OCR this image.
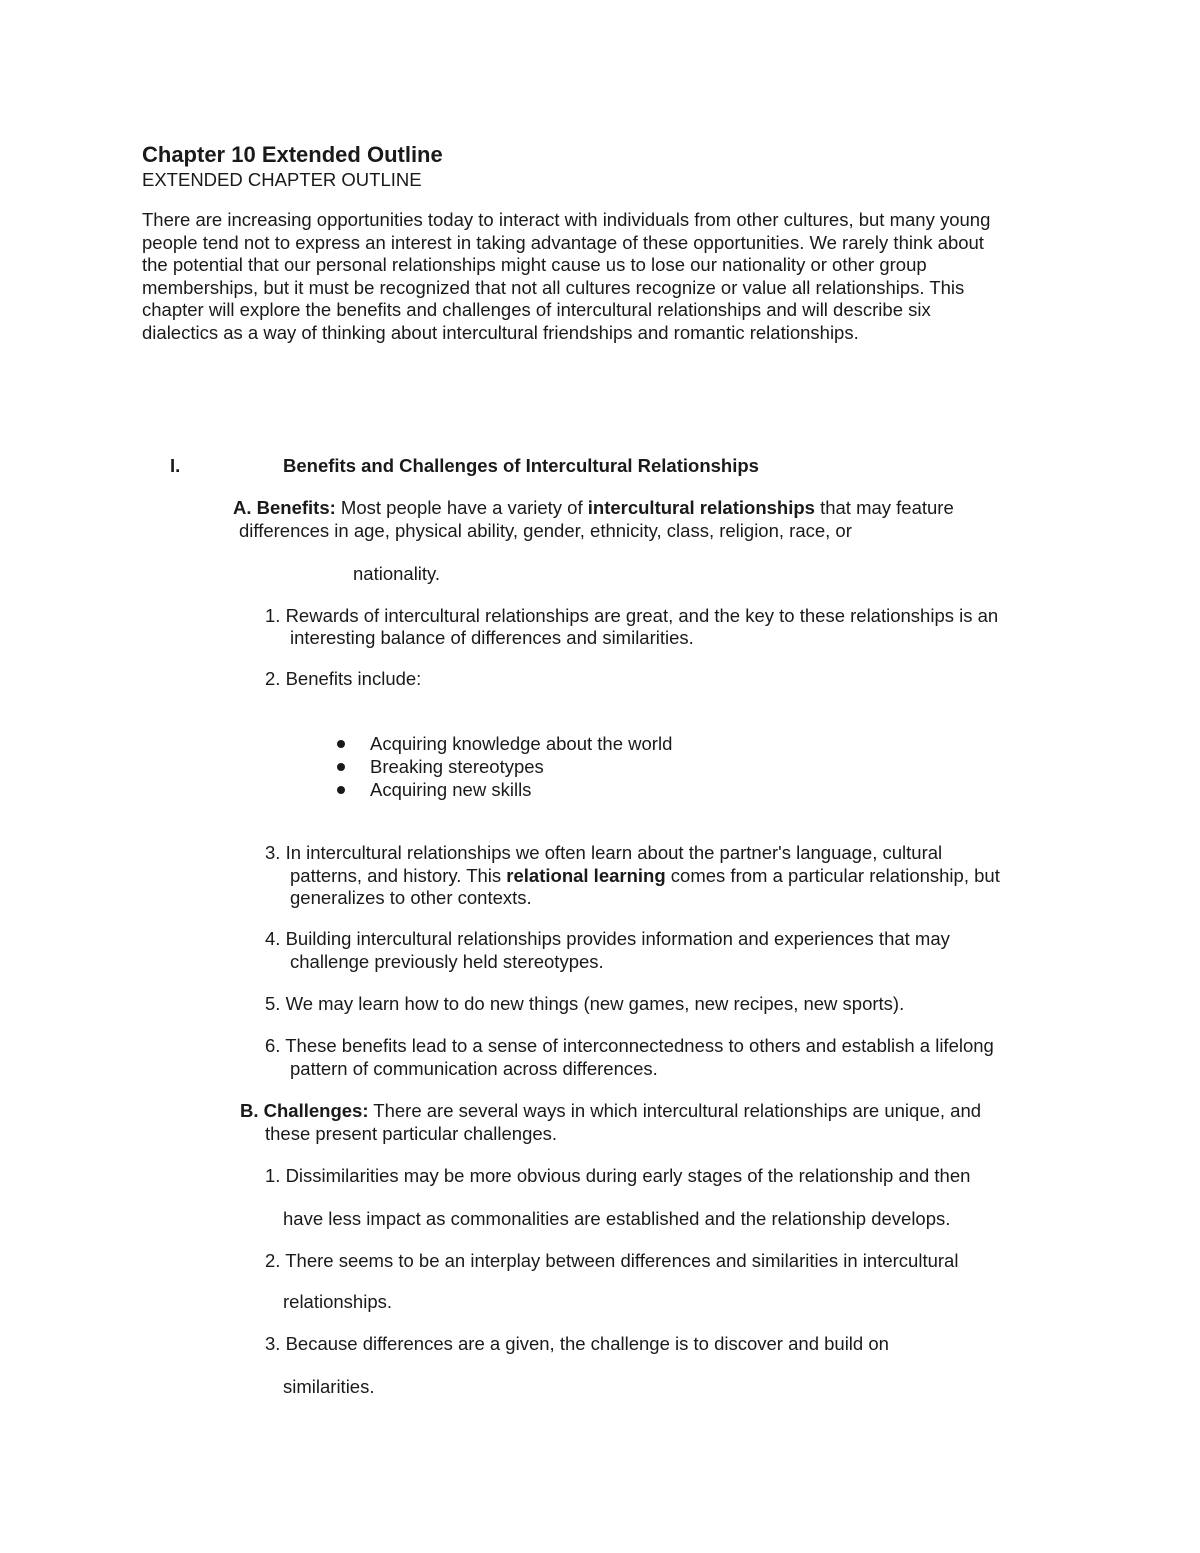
Chapter 10 Extended Outline
EXTENDED CHAPTER OUTLINE

There are increasing opportunities today to interact with individuals from other cultures, but many young

people tend not to express an interest in taking advantage of these opportunities. We rarely think about

the potential that our personal relationships might cause us to lose our nationality or other group

memberships, but it must be recognized that not all cultures recognize or value all relationships. This

chapter will explore the benefits and challenges of intercultural relationships and will describe six

dialectics as a way of thinking about intercultural friendships and romantic relationships.

I.	Benefits and Challenges of Intercultural Relationships
A. Benefits: Most people have a variety of intercultural relationships that may feature
differences in age, physical ability, gender, ethnicity, class, religion, race, or
nationality.
1. Rewards of intercultural relationships are great, and the key to these relationships is an
interesting balance of differences and similarities.
2. Benefits include:
Acquiring knowledge about the world
Breaking stereotypes
Acquiring new skills
3. In intercultural relationships we often learn about the partner's language, cultural
patterns, and history. This relational learning comes from a particular relationship, but
generalizes to other contexts.
4. Building intercultural relationships provides information and experiences that may
challenge previously held stereotypes.
5. We may learn how to do new things (new games, new recipes, new sports).
6. These benefits lead to a sense of interconnectedness to others and establish a lifelong
pattern of communication across differences.
B. Challenges: There are several ways in which intercultural relationships are unique, and
these present particular challenges.
1. Dissimilarities may be more obvious during early stages of the relationship and then
have less impact as commonalities are established and the relationship develops.
2. There seems to be an interplay between differences and similarities in intercultural
relationships.
3. Because differences are a given, the challenge is to discover and build on
similarities.
